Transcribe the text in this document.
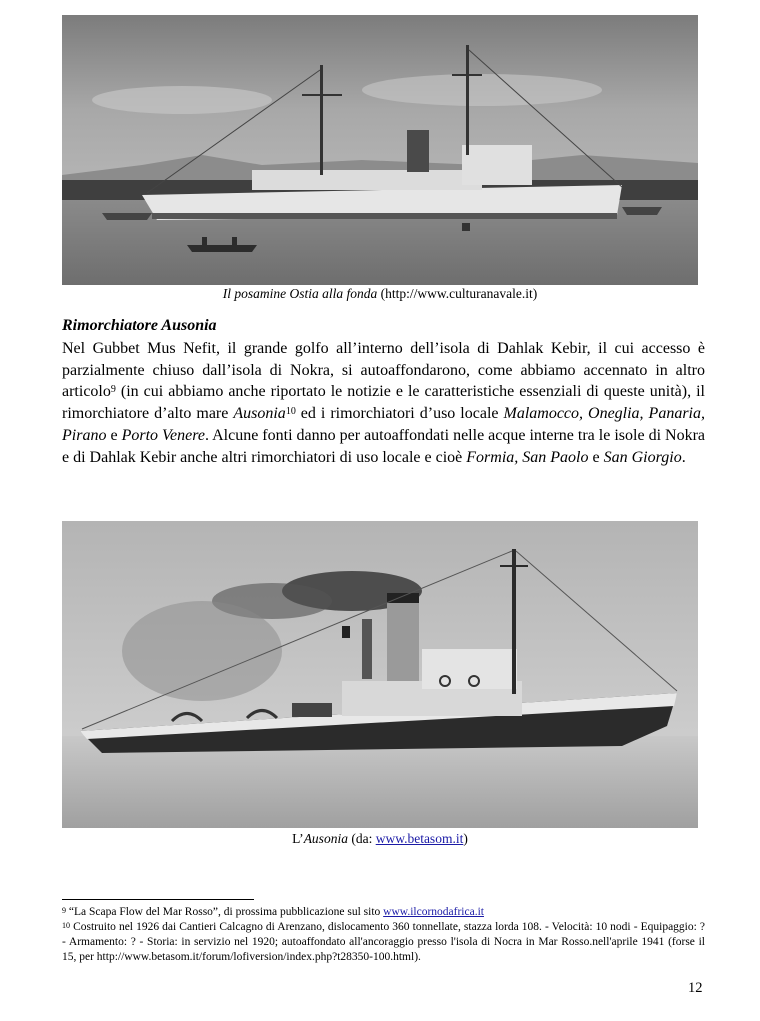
Il posamine Ostia alla fonda (http://www.culturanavale.it)
Rimorchiatore Ausonia
Nel Gubbet Mus Nefit, il grande golfo all’interno dell’isola di Dahlak Kebir, il cui accesso è parzialmente chiuso dall’isola di Nokra, si autoaffondarono, come abbiamo accennato in altro articolo$^9$ (in cui abbiamo anche riportato le notizie e le caratteristiche essenziali di queste unità), il rimorchiatore d’alto mare Ausonia$^{10}$ ed i rimorchiatori d’uso locale Malamocco, Oneglia, Panaria, Pirano e Porto Venere. Alcune fonti danno per autoaffondati nelle acque interne tra le isole di Nokra e di Dahlak Kebir anche altri rimorchiatori di uso locale e cioè Formia, San Paolo e San Giorgio.
L’Ausonia (da: www.betasom.it)
$^9$ “La Scapa Flow del Mar Rosso”, di prossima pubblicazione sul sito www.ilcornodafrica.it
$^{10}$ Costruito nel 1926 dai Cantieri Calcagno di Arenzano, dislocamento 360 tonnellate, stazza lorda 108. - Velocità: 10 nodi - Equipaggio: ? - Armamento: ? - Storia: in servizio nel 1920; autoaffondato all'ancoraggio presso l'isola di Nocra in Mar Rosso.nell'aprile 1941 (forse il 15, per http://www.betasom.it/forum/lofiversion/index.php?t28350-100.html).
12
